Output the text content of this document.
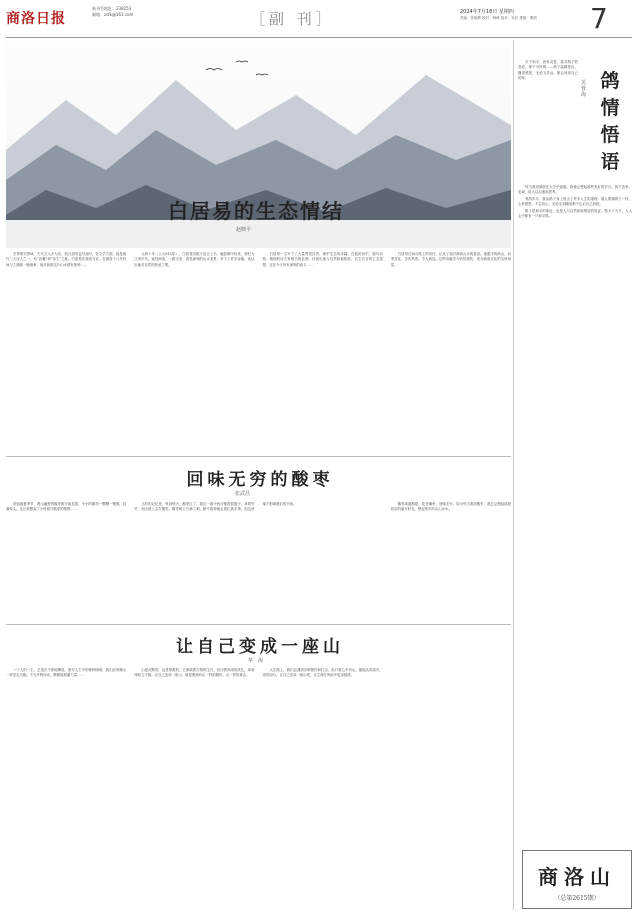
商洛日报
新刊号地址：238253
邮箱：zsfk@163.com	［副 刊］	2024年7月18日 星期四
责编：张晓辉 校对：韩琦 组对：吴存 排版：曹清 7
白居易的生态情结
赵晓平

学界研究领域，古代文人多为官、如白居易也对此时，在文学方面，他是唐代三大诗人之一，有“诗魔”和“诗王”之称。白居易在商洛为官，在商洛十几年时间与之渊源一脉相承，他对商洛这片山水情有独钟……

元和十年（公元815年），白居易因敢于直言上书，触怒朝中权贵，被贬为江州司马，途经商洛，一路走来，看见商州的山水美景，写下了许多诗篇，表达出他对自然的热爱之情。

白居易一生写下了大量赞美自然、保护生态的诗篇。在他的诗中，描写动物、植物的诗占有相当的比例，体现出他与自然和谐相处、共生共存的生态思想，这在今天仍有深刻的意义……

白居易在商山路上的诗作，记录了他对商洛山水的喜爱。他眼中的商山，四季变化，各有风景，令人流连。这些诗篇至今仍然流传，成为商洛文化的宝贵财富。

回味无穷的酸枣
张武昌

时值盛夏季节，漫山遍野的酸枣树开始挂果，小小的酸枣一颗颗一簇簇，挂满枝头。这让我想起了小时候打酸枣的情景……

儿时的记忆里，每到秋天，酸枣红了，我们一群小伙伴便提着篮子，拿着竹竿，到山坡上去打酸枣。酸枣树上长满了刺，稍不留神就会被扎破手指，但这丝毫不影响我们的兴致。	酸枣味道酸甜，吃在嘴里，回味无穷。如今每当看到酸枣，我总会想起那段快乐的童年时光，想起家乡的山山水水。

让自己变成一座山
华　海

一个人的一生，总是在不停地攀登。面对人生中的种种困难，我们应该像山一样坚定沉稳，不为外物所动，默默地积蓄力量……

山是沉默的，也是厚重的。它承载着万物的生长，经历着风雨的洗礼，却始终屹立不倒。让自己变成一座山，就是要拥有山一样的胸怀、山一样的意志。

人生路上，我们会遇到各种挫折和打击，但只要心中有山，便能从容面对，坦然前行。让自己变成一座山吧，让生命在风雨中更加挺拔。

鸽情悟语
芙蓉海

天下和平，皆有灵性，我对鸽子的喜爱，缘于小时候……鸽子温顺善良，懂得感恩，无论飞多远，都会回到自己的家。

每当看到鸽群在天空中盘旋，我便会想起那些美好的岁月。鸽子恋家、忠诚，给人以启迪和思考。

养鸽多年，我从鸽子身上悟出了许多人生的道理：做人要像鸽子一样，心怀感恩，不忘初心，无论走到哪里都不忘记自己的根。

鸽子是和平的象征，也是人与自然和谐相处的见证。愿天下太平，人人心中都有一只和平鸽。

商洛山
（总第2615期）
